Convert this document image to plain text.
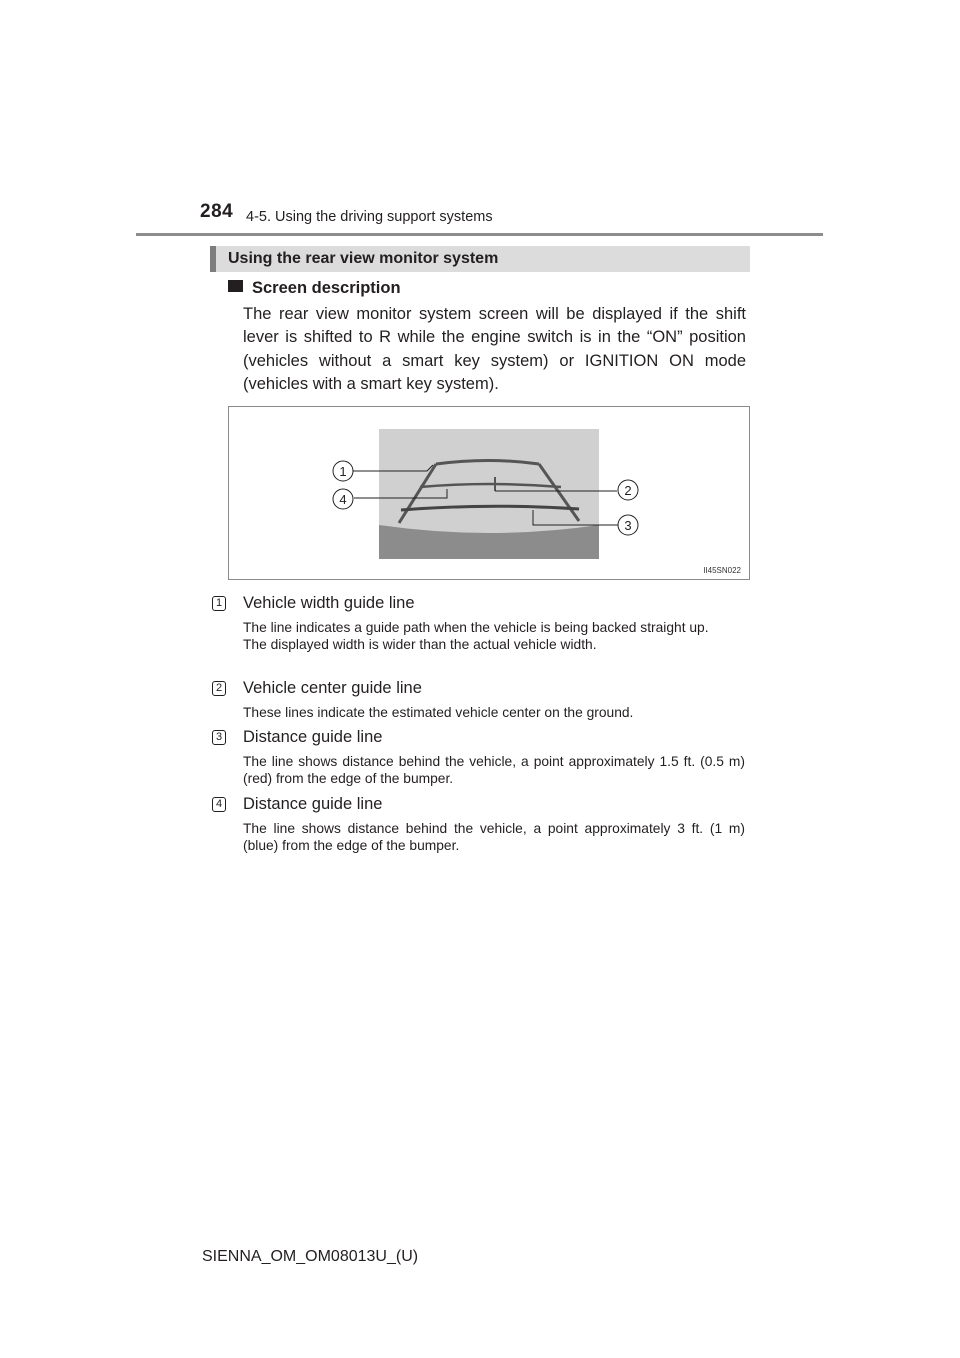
284 4-5. Using the driving support systems
Using the rear view monitor system
Screen description
The rear view monitor system screen will be displayed if the shift lever is shifted to R while the engine switch is in the “ON” position (vehicles without a smart key system) or IGNITION ON mode (vehicles with a smart key system).
1
4
2
3
II45SN022
1 Vehicle width guide line
The line indicates a guide path when the vehicle is being backed straight up.
The displayed width is wider than the actual vehicle width.
2 Vehicle center guide line
These lines indicate the estimated vehicle center on the ground.
3 Distance guide line
The line shows distance behind the vehicle, a point approximately 1.5 ft. (0.5 m) (red) from the edge of the bumper.
4 Distance guide line
The line shows distance behind the vehicle, a point approximately 3 ft. (1 m) (blue) from the edge of the bumper.
SIENNA_OM_OM08013U_(U)
